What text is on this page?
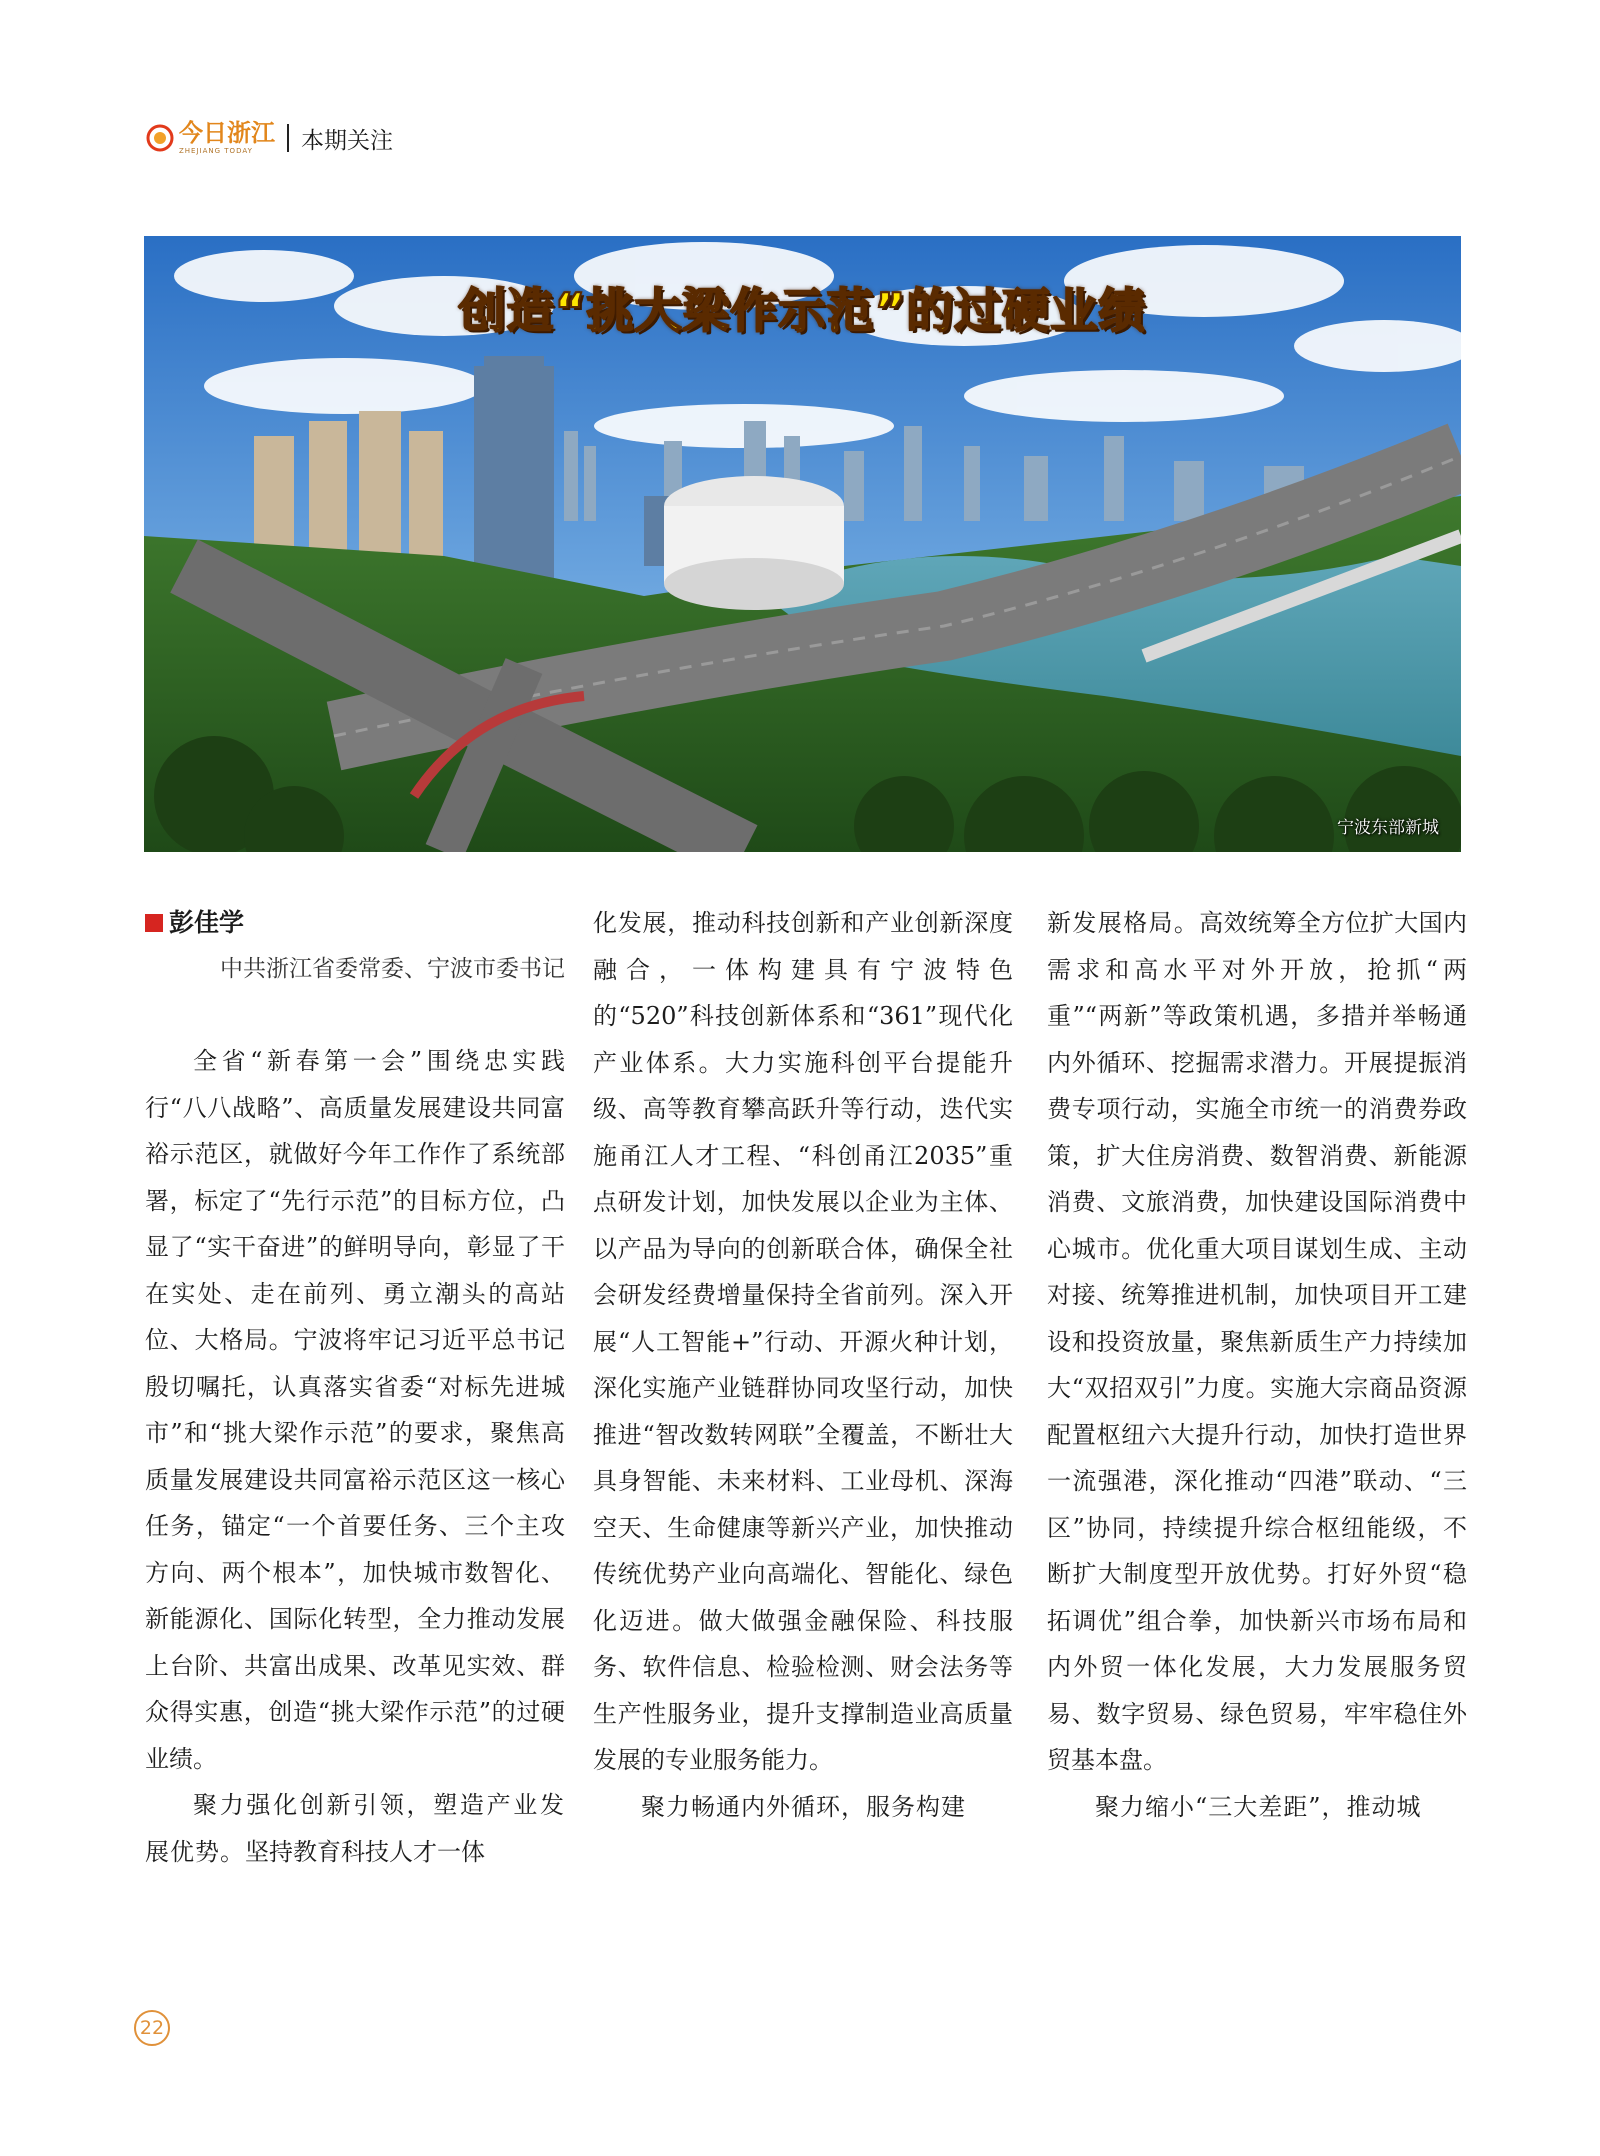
今日浙江
ZHEJIANG TODAY	本期关注
创造“挑大梁作示范”的过硬业绩
宁波东部新城
彭佳学
中共浙江省委常委、宁波市委书记

全省“新春第一会”围绕忠实践行“八八战略”、高质量发展建设共同富裕示范区，就做好今年工作作了系统部署，标定了“先行示范”的目标方位，凸显了“实干奋进”的鲜明导向，彰显了干在实处、走在前列、勇立潮头的高站位、大格局。宁波将牢记习近平总书记殷切嘱托，认真落实省委“对标先进城市”和“挑大梁作示范”的要求，聚焦高质量发展建设共同富裕示范区这一核心任务，锚定“一个首要任务、三个主攻方向、两个根本”，加快城市数智化、新能源化、国际化转型，全力推动发展上台阶、共富出成果、改革见实效、群众得实惠，创造“挑大梁作示范”的过硬业绩。

聚力强化创新引领，塑造产业发展优势。坚持教育科技人才一体

化发展，推动科技创新和产业创新深度融合，一体构建具有宁波特色的“520”科技创新体系和“361”现代化产业体系。大力实施科创平台提能升级、高等教育攀高跃升等行动，迭代实施甬江人才工程、“科创甬江2035”重点研发计划，加快发展以企业为主体、以产品为导向的创新联合体，确保全社会研发经费增量保持全省前列。深入开展“人工智能+”行动、开源火种计划，深化实施产业链群协同攻坚行动，加快推进“智改数转网联”全覆盖，不断壮大具身智能、未来材料、工业母机、深海空天、生命健康等新兴产业，加快推动传统优势产业向高端化、智能化、绿色化迈进。做大做强金融保险、科技服务、软件信息、检验检测、财会法务等生产性服务业，提升支撑制造业高质量发展的专业服务能力。

聚力畅通内外循环，服务构建

新发展格局。高效统筹全方位扩大国内需求和高水平对外开放，抢抓“两重”“两新”等政策机遇，多措并举畅通内外循环、挖掘需求潜力。开展提振消费专项行动，实施全市统一的消费券政策，扩大住房消费、数智消费、新能源消费、文旅消费，加快建设国际消费中心城市。优化重大项目谋划生成、主动对接、统筹推进机制，加快项目开工建设和投资放量，聚焦新质生产力持续加大“双招双引”力度。实施大宗商品资源配置枢纽六大提升行动，加快打造世界一流强港，深化推动“四港”联动、“三区”协同，持续提升综合枢纽能级，不断扩大制度型开放优势。打好外贸“稳拓调优”组合拳，加快新兴市场布局和内外贸一体化发展，大力发展服务贸易、数字贸易、绿色贸易，牢牢稳住外贸基本盘。

聚力缩小“三大差距”，推动城

22
